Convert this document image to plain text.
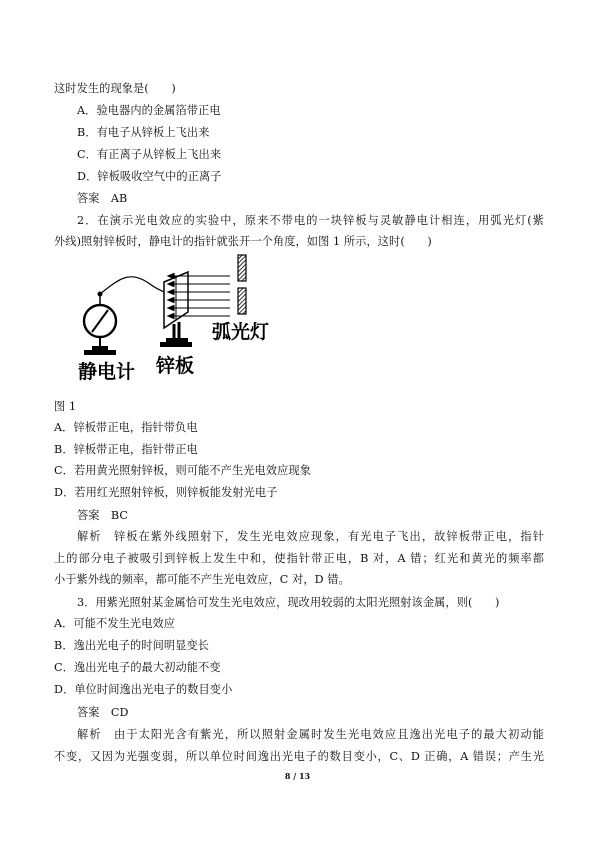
这时发生的现象是(　　)
A．验电器内的金属箔带正电
B．有电子从锌板上飞出来
C．有正离子从锌板上飞出来
D．锌板吸收空气中的正离子
答案　AB
2．在演示光电效应的实验中，原来不带电的一块锌板与灵敏静电计相连，用弧光灯(紫
外线)照射锌板时，静电计的指针就张开一个角度，如图 1 所示，这时(　　)
弧光灯
静电计 锌板
图 1
A．锌板带正电，指针带负电
B．锌板带正电，指针带正电
C．若用黄光照射锌板，则可能不产生光电效应现象
D．若用红光照射锌板，则锌板能发射光电子
答案　BC
解析　锌板在紫外线照射下，发生光电效应现象，有光电子飞出，故锌板带正电，指针
上的部分电子被吸引到锌板上发生中和，使指针带正电，B 对，A 错；红光和黄光的频率都
小于紫外线的频率，都可能不产生光电效应，C 对，D 错。
3．用紫光照射某金属恰可发生光电效应，现改用较弱的太阳光照射该金属，则(　　)
A．可能不发生光电效应
B．逸出光电子的时间明显变长
C．逸出光电子的最大初动能不变
D．单位时间逸出光电子的数目变小
答案　CD
解析　由于太阳光含有紫光，所以照射金属时发生光电效应且逸出光电子的最大初动能
不变，又因为光强变弱，所以单位时间逸出光电子的数目变小，C、D 正确，A 错误；产生光
8 / 13
